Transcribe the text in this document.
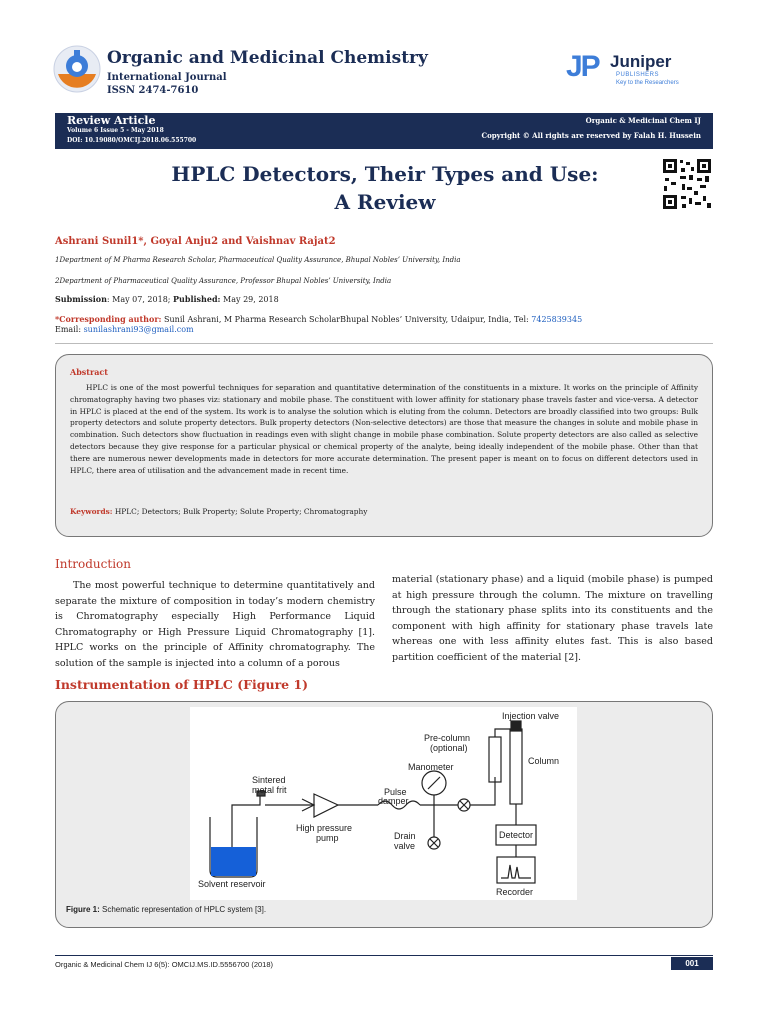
Organic and Medicinal Chemistry
International Journal
ISSN 2474-7610
JP Juniper
PUBLISHERS
Key to the Researchers
Review Article
Volume 6 Issue 5 - May 2018
DOI: 10.19080/OMCIJ.2018.06.555700
Organic & Medicinal Chem IJ
Copyright © All rights are reserved by Falah H. Hussein
HPLC Detectors, Their Types and Use:
A Review
Ashrani Sunil1*, Goyal Anju2 and Vaishnav Rajat2
1Department of M Pharma Research Scholar, Pharmaceutical Quality Assurance, Bhupal Nobles’ University, India
2Department of Pharmaceutical Quality Assurance, Professor Bhupal Nobles’ University, India
Submission: May 07, 2018; Published: May 29, 2018
*Corresponding author: Sunil Ashrani, M Pharma Research ScholarBhupal Nobles’ University, Udaipur, India, Tel: 7425839345
Email: sunilashrani93@gmail.com
Abstract
HPLC is one of the most powerful techniques for separation and quantitative determination of the constituents in a mixture. It works on the principle of Affinity chromatography having two phases viz: stationary and mobile phase. The constituent with lower affinity for stationary phase travels faster and vice-versa. A detector in HPLC is placed at the end of the system. Its work is to analyse the solution which is eluting from the column. Detectors are broadly classified into two groups: Bulk property detectors and solute property detectors. Bulk property detectors (Non-selective detectors) are those that measure the changes in solute and mobile phase in combination. Such detectors show fluctuation in readings even with slight change in mobile phase combination. Solute property detectors are also called as selective detectors because they give response for a particular physical or chemical property of the analyte, being ideally independent of the mobile phase. Other than that there are numerous newer developments made in detectors for more accurate determination. The present paper is meant on to focus on different detectors used in HPLC, there area of utilisation and the advancement made in recent time.
Keywords: HPLC; Detectors; Bulk Property; Solute Property; Chromatography
Introduction
The most powerful technique to determine quantitatively and separate the mixture of composition in today’s modern chemistry is Chromatography especially High Performance Liquid Chromatography or High Pressure Liquid Chromatography [1]. HPLC works on the principle of Affinity chromatography. The solution of the sample is injected into a column of a porous
material (stationary phase) and a liquid (mobile phase) is pumped at high pressure through the column. The mixture on travelling through the stationary phase splits into its constituents and the component with high affinity for stationary phase travels late whereas one with less affinity elutes fast. This is also based partition coefficient of the material [2].
Instrumentation of HPLC (Figure 1)
Injection valve
Pre-column
(optional)
Manometer
Column
Sintered
metal frit	Pulse
damper
High pressure
pump	Drain
valve
Detector
Solvent reservoir
Recorder
Figure 1: Schematic representation of HPLC system [3].
Organic & Medicinal Chem IJ 6(5): OMCIJ.MS.ID.5556700 (2018)	001
